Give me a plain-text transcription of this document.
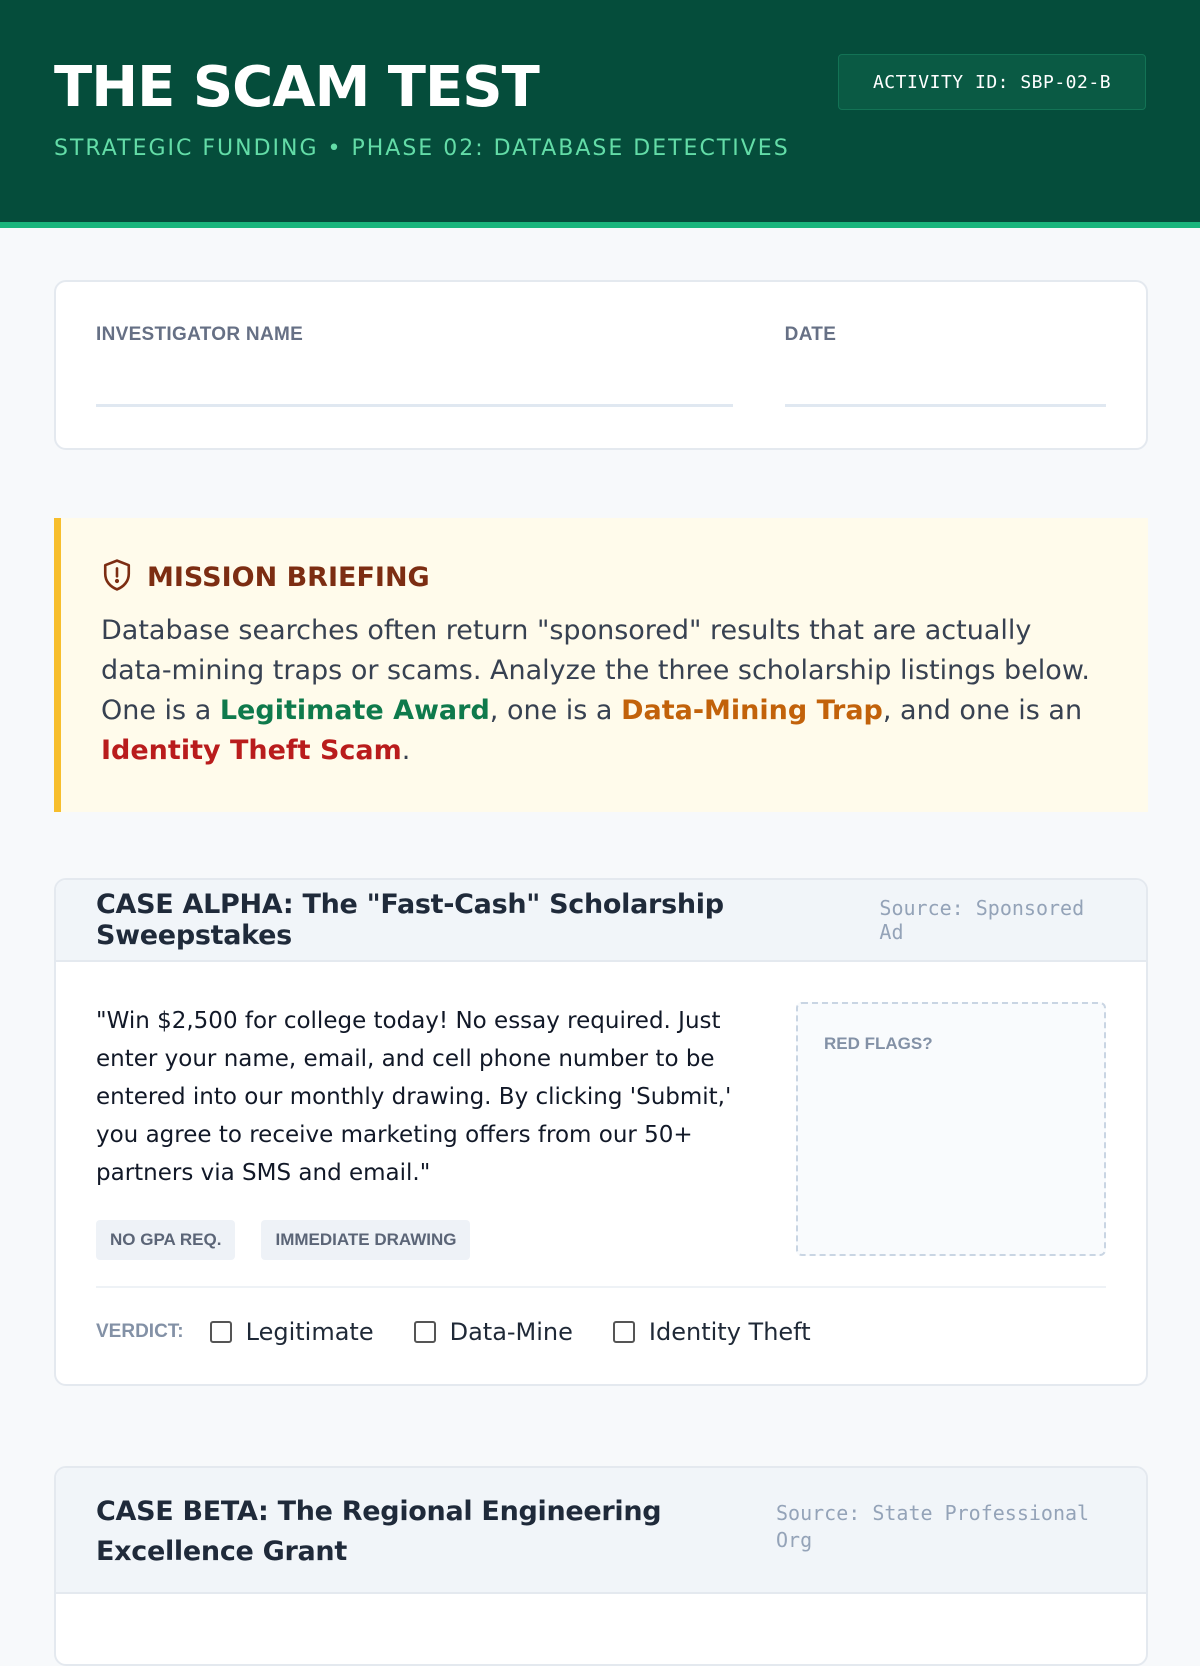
THE SCAM TEST
STRATEGIC FUNDING • PHASE 02: DATABASE DETECTIVES
ACTIVITY ID: SBP-02-B
INVESTIGATOR NAME	DATE
MISSION BRIEFING

Database searches often return "sponsored" results that are actually data-mining traps or scams. Analyze the three scholarship listings below. One is a Legitimate Award, one is a Data-Mining Trap, and one is an Identity Theft Scam.

CASE ALPHA: The "Fast-Cash" Scholarship Sweepstakes
Source: Sponsored Ad

"Win $2,500 for college today! No essay required. Just enter your name, email, and cell phone number to be entered into our monthly drawing. By clicking 'Submit,' you agree to receive marketing offers from our 50+ partners via SMS and email."

NO GPA REQ.	IMMEDIATE DRAWING
RED FLAGS?
VERDICT:	Legitimate	Data-Mine	Identity Theft
CASE BETA: The Regional Engineering Excellence Grant
Source: State Professional Org
